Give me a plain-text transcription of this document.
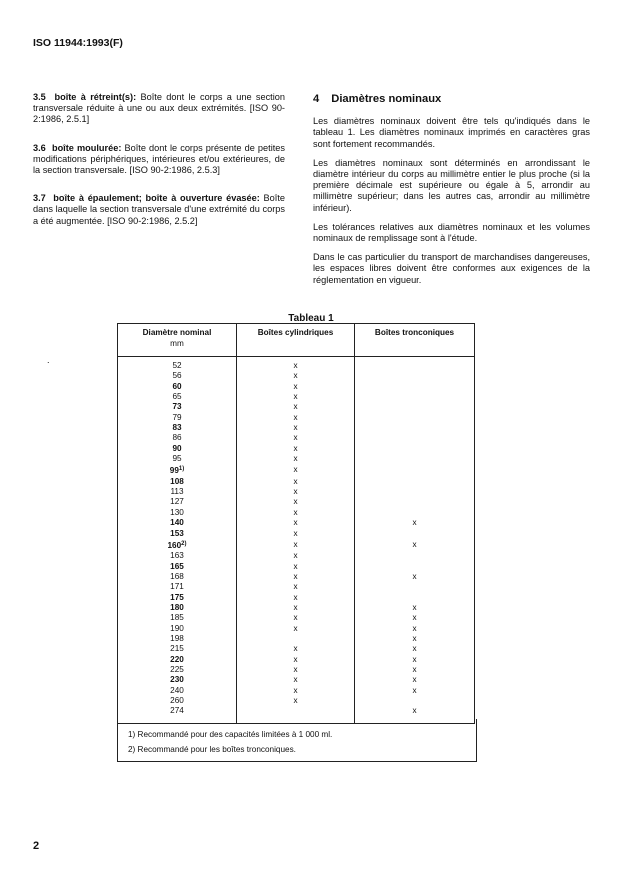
ISO 11944:1993(F)

3.5 boîte à rétreint(s): Boîte dont le corps a une section transversale réduite à une ou aux deux extrémités. [ISO 90-2:1986, 2.5.1]

3.6 boîte moulurée: Boîte dont le corps présente de petites modifications périphériques, intérieures et/ou extérieures, de la section transversale. [ISO 90-2:1986, 2.5.3]

3.7 boîte à épaulement; boîte à ouverture évasée: Boîte dans laquelle la section transversale d'une extrémité du corps a été augmentée. [ISO 90-2:1986, 2.5.2]

4 Diamètres nominaux

Les diamètres nominaux doivent être tels qu'indiqués dans le tableau 1. Les diamètres nominaux imprimés en caractères gras sont fortement recommandés.

Les diamètres nominaux sont déterminés en arrondissant le diamètre intérieur du corps au millimètre entier le plus proche (si la première décimale est supérieure ou égale à 5, arrondir au millimètre supérieur; dans les autres cas, arrondir au millimètre inférieur).

Les tolérances relatives aux diamètres nominaux et les volumes nominaux de remplissage sont à l'étude.

Dans le cas particulier du transport de marchandises dangereuses, les espaces libres doivent être conformes aux exigences de la réglementation en vigueur.

Tableau 1
.
Diamètre nominal
mm	Boîtes cylindriques	Boîtes tronconiques
52	x	
56	x	
60	x	
65	x	
73	x	
79	x	
83	x	
86	x	
90	x	
95	x	
99$^{1)}$	x	
108	x	
113	x	
127	x	
130	x	
140	x	x
153	x	
160$^{2)}$	x	x
163	x	
165	x	
168	x	x
171	x	
175	x	
180	x	x
185	x	x
190	x	x
198		x
215	x	x
220	x	x
225	x	x
230	x	x
240	x	x
260	x	
274		x
1) Recommandé pour des capacités limitées à 1 000 ml.
2) Recommandé pour les boîtes tronconiques.
2
